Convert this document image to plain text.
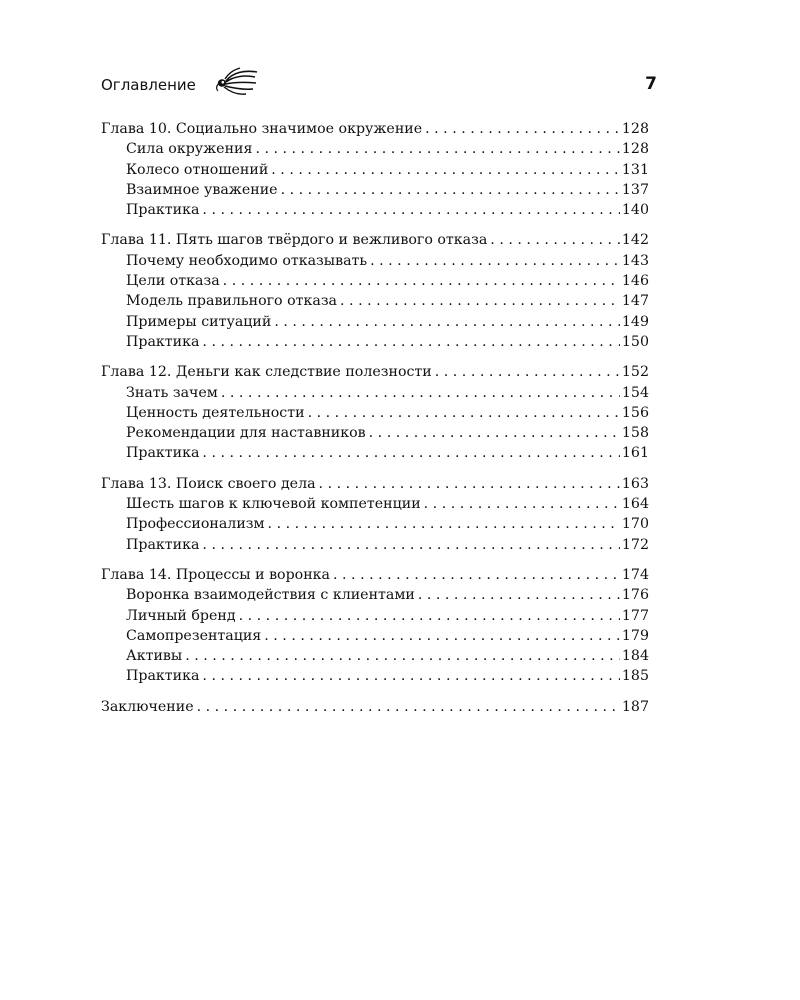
Оглавление	7
Глава 10. Социально значимое окружение . . .	128
Сила окружения . . .	128
Колесо отношений . . .	131
Взаимное уважение . . .	137
Практика . . .	140
Глава 11. Пять шагов твёрдого и вежливого отказа . . .	142
Почему необходимо отказывать . . .	143
Цели отказа . . .	146
Модель правильного отказа . . .	147
Примеры ситуаций . . .	149
Практика . . .	150
Глава 12. Деньги как следствие полезности . . .	152
Знать зачем . . .	154
Ценность деятельности . . .	156
Рекомендации для наставников . . .	158
Практика . . .	161
Глава 13. Поиск своего дела . . .	163
Шесть шагов к ключевой компетенции . . .	164
Профессионализм . . .	170
Практика . . .	172
Глава 14. Процессы и воронка . . .	174
Воронка взаимодействия с клиентами . . .	176
Личный бренд . . .	177
Самопрезентация . . .	179
Активы . . .	184
Практика . . .	185
Заключение . . .	187
